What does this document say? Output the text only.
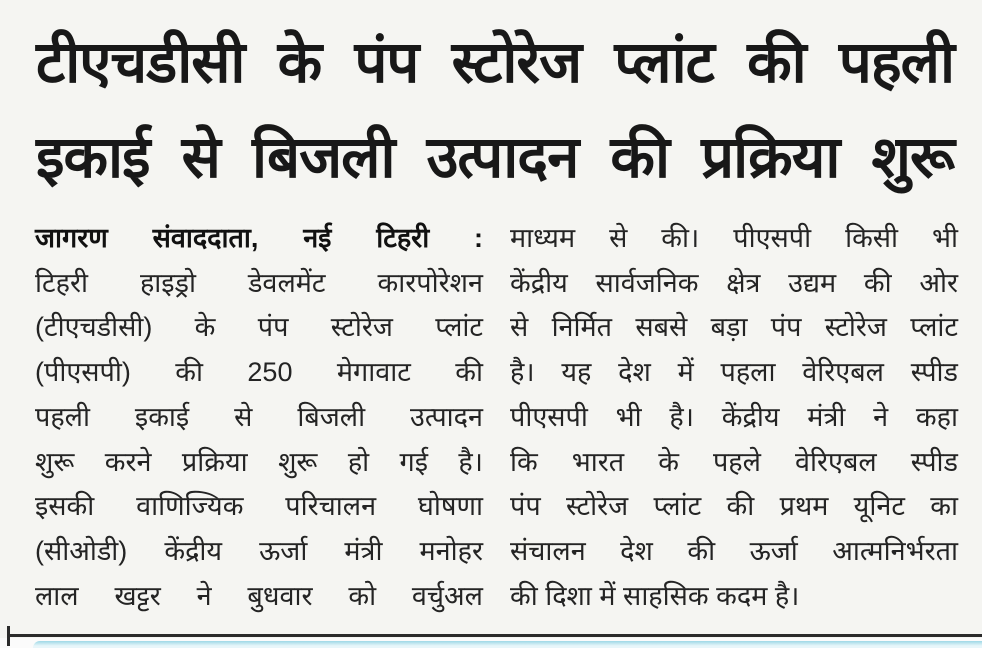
टीएचडीसी के पंप स्टोरेज प्लांट की पहली
इकाई से बिजली उत्पादन की प्रक्रिया शुरू
जागरण संवाददाता, नई टिहरी :
टिहरी हाइड्रो डेवलमेंट कारपोरेशन
(टीएचडीसी) के पंप स्टोरेज प्लांट
(पीएसपी) की 250 मेगावाट की
पहली इकाई से बिजली उत्पादन
शुरू करने प्रक्रिया शुरू हो गई है।
इसकी वाणिज्यिक परिचालन घोषणा
(सीओडी) केंद्रीय ऊर्जा मंत्री मनोहर
लाल खट्टर ने बुधवार को वर्चुअल
माध्यम से की। पीएसपी किसी भी
केंद्रीय सार्वजनिक क्षेत्र उद्यम की ओर
से निर्मित सबसे बड़ा पंप स्टोरेज प्लांट
है। यह देश में पहला वेरिएबल स्पीड
पीएसपी भी है। केंद्रीय मंत्री ने कहा
कि भारत के पहले वेरिएबल स्पीड
पंप स्टोरेज प्लांट की प्रथम यूनिट का
संचालन देश की ऊर्जा आत्मनिर्भरता
की दिशा में साहसिक कदम है।
